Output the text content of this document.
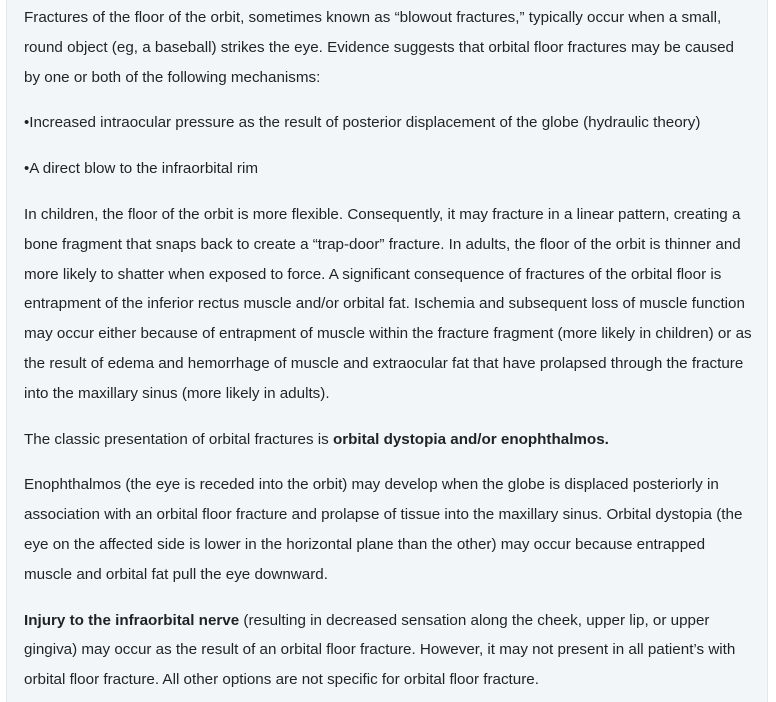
Fractures of the floor of the orbit, sometimes known as “blowout fractures,” typically occur when a small, round object (eg, a baseball) strikes the eye. Evidence suggests that orbital floor fractures may be caused by one or both of the following mechanisms:

•Increased intraocular pressure as the result of posterior displacement of the globe (hydraulic theory)

•A direct blow to the infraorbital rim

In children, the floor of the orbit is more flexible. Consequently, it may fracture in a linear pattern, creating a bone fragment that snaps back to create a “trap-door” fracture. In adults, the floor of the orbit is thinner and more likely to shatter when exposed to force. A significant consequence of fractures of the orbital floor is entrapment of the inferior rectus muscle and/or orbital fat. Ischemia and subsequent loss of muscle function may occur either because of entrapment of muscle within the fracture fragment (more likely in children) or as the result of edema and hemorrhage of muscle and extraocular fat that have prolapsed through the fracture into the maxillary sinus (more likely in adults).

The classic presentation of orbital fractures is orbital dystopia and/or enophthalmos.

Enophthalmos (the eye is receded into the orbit) may develop when the globe is displaced posteriorly in association with an orbital floor fracture and prolapse of tissue into the maxillary sinus. Orbital dystopia (the eye on the affected side is lower in the horizontal plane than the other) may occur because entrapped muscle and orbital fat pull the eye downward.

Injury to the infraorbital nerve (resulting in decreased sensation along the cheek, upper lip, or upper gingiva) may occur as the result of an orbital floor fracture. However, it may not present in all patient’s with orbital floor fracture. All other options are not specific for orbital floor fracture.
